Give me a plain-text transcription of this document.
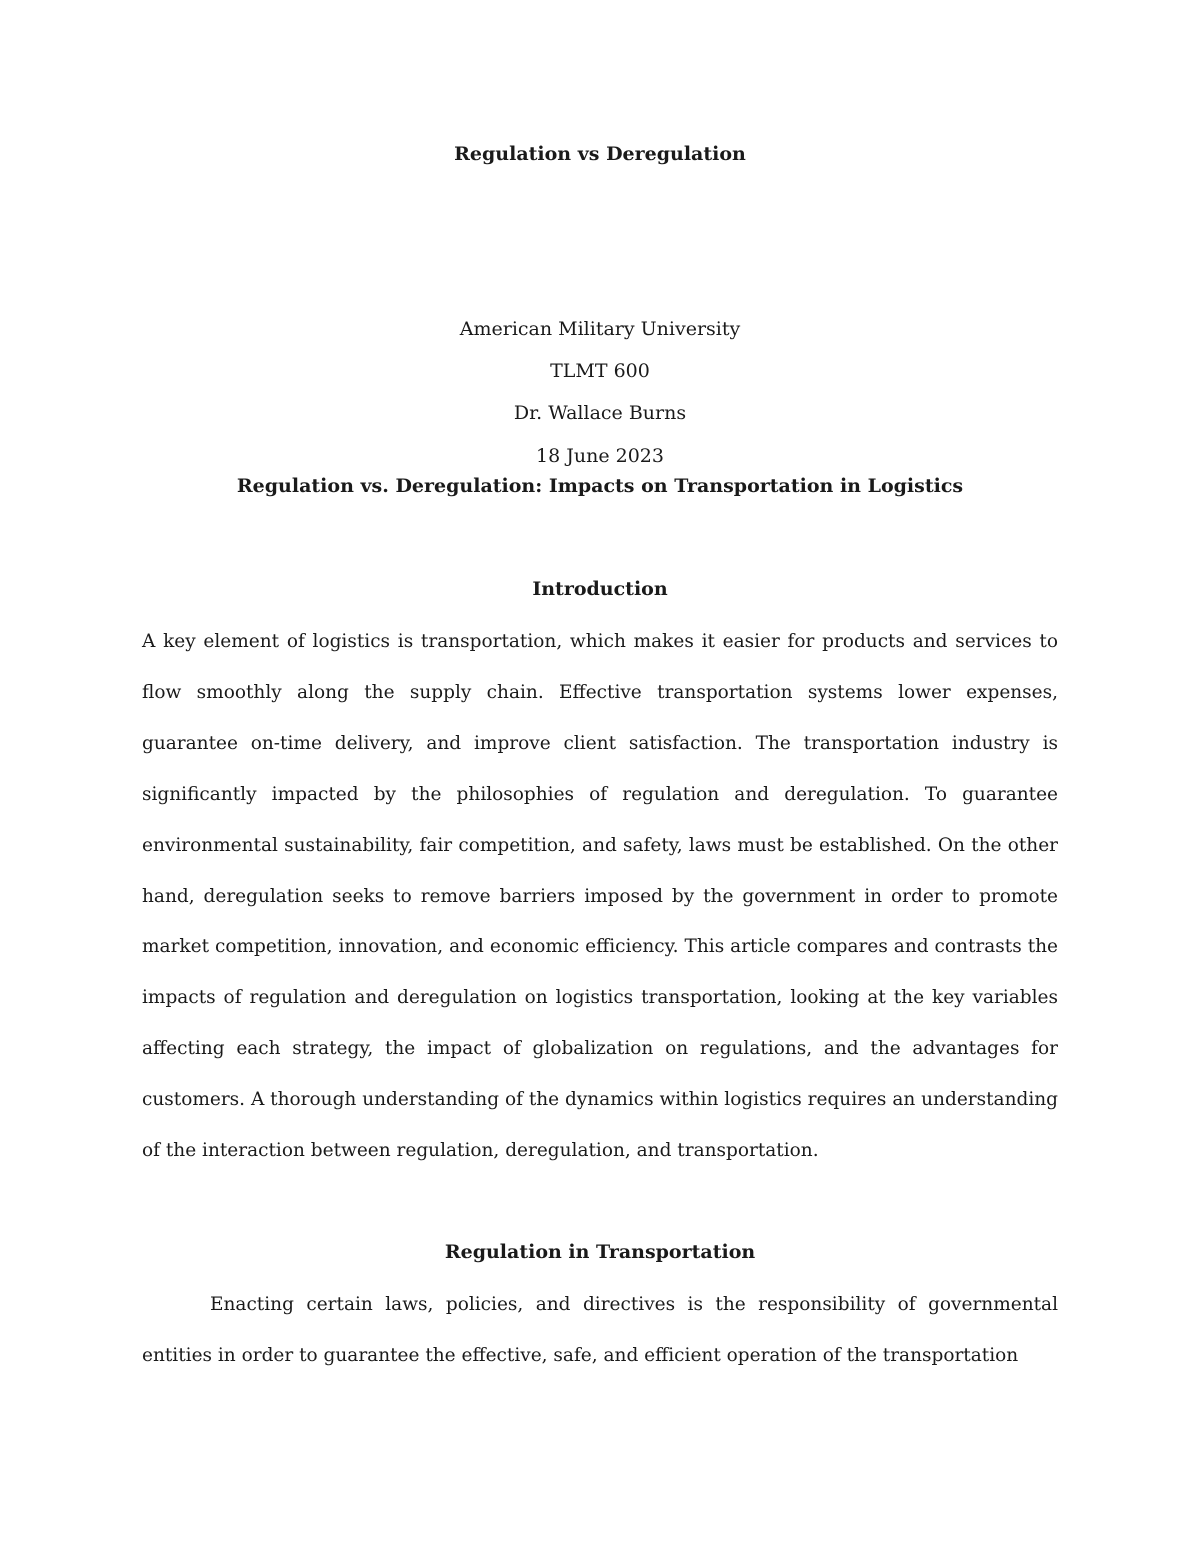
Regulation vs Deregulation
American Military University
TLMT 600
Dr. Wallace Burns
18 June 2023
Regulation vs. Deregulation: Impacts on Transportation in Logistics
Introduction

A key element of logistics is transportation, which makes it easier for products and services to flow smoothly along the supply chain. Effective transportation systems lower expenses, guarantee on-time delivery, and improve client satisfaction. The transportation industry is significantly impacted by the philosophies of regulation and deregulation. To guarantee environmental sustainability, fair competition, and safety, laws must be established. On the other hand, deregulation seeks to remove barriers imposed by the government in order to promote market competition, innovation, and economic efficiency. This article compares and contrasts the impacts of regulation and deregulation on logistics transportation, looking at the key variables affecting each strategy, the impact of globalization on regulations, and the advantages for customers. A thorough understanding of the dynamics within logistics requires an understanding of the interaction between regulation, deregulation, and transportation.

Regulation in Transportation

Enacting certain laws, policies, and directives is the responsibility of governmental entities in order to guarantee the effective, safe, and efficient operation of the transportation
